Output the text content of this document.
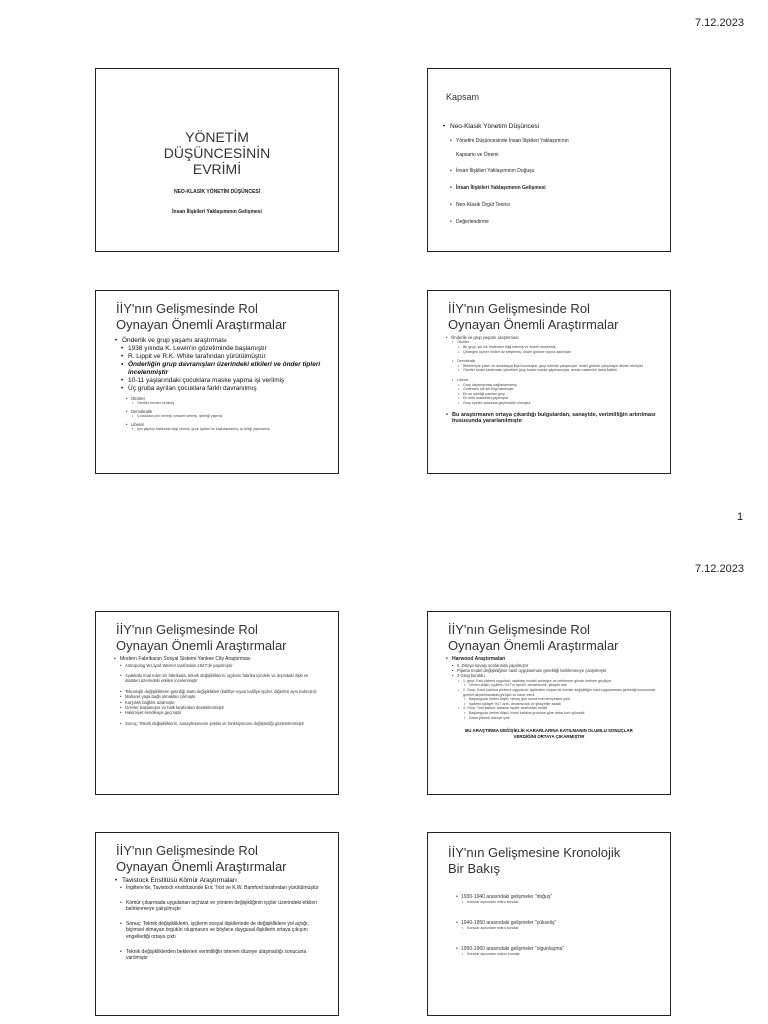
7.12.2023
1
YÖNETİM DÜŞÜNCESİNİN EVRİMİ
NEO-KLASİK YÖNETİM DÜŞÜNCESİ
İnsan İlişkileri Yaklaşımının Gelişmesi
Kapsam
• Neo-Klasik Yönetim Düşüncesi
• Yönetim Düşüncesinde İnsan İlişkileri Yaklaşımının
Kapsamı ve Önemi
• İnsan İlişkileri Yaklaşımının Doğuşu
• İnsan İlişkileri Yaklaşımının Gelişmesi
• Neo-Klasik Örgüt Teorisi
• Değerlendirme
İİY'nın Gelişmesinde Rol Oynayan Önemli Araştırmalar
• Önderlik ve grup yaşamı araştırması
• 1938 yılında K. Lewin'in gözetiminde başlamıştır
• R. Lippit ve R.K. White tarafından yürütülmüştür
• Önderliğin grup davranışları üzerindeki etkileri ve önder tipleri incelenmiştir
• 10-11 yaşlarındaki çocuklara maske yapma işi verilmiş
• Üç gruba ayrılan çocuklara farklı davranılmış
• Otoriter
• Otoriter emirler verilmiş
• Demokratik
• Çocuklara yön vermiş, cesaret vermiş, işbirliği yapmış
• Liberal
• İşin yapılışı hakkında bilgi vermiş, grup üyeleri ile kaynaşmamış, iş birliği yapmamış
İİY'nın Gelişmesinde Rol Oynayan Önemli Araştırmalar
• Önderlik ve grup yaşamı araştırması
• Otoriter
• Bir grup, sık sık önderden bilgi istemiş ve önderi eleştirmiş
• Çekingen üyeler önderi az eleştirmiş, önder gidince oyuna dalmışlar
• Demokratik
• Birbirleriyle yakın ve arkadaşça ilişki kurmuşlar, grup halinde çalışmışlar, önder gidince çalışmaya devam etmişler
• Otoriter önder tarafından yönetilen grup kadar maske yapmamışlar, ancak maskeleri daha kaliteli
• Liberal
• Grup dayanışması sağlanamamış
• Önderden sık sık bilgi istemişler
• En az işbirliği yapılan grup
• En kötü maskeleri yapmışlar
• Grup üyeleri arasında geçimsizlik olmuştur
• Bu araştırmanın ortaya çıkardığı bulgulardan, sanayide, verimliliğin artırılması hususunda yararlanılmıştır
7.12.2023
İİY'nın Gelişmesinde Rol Oynayan Önemli Araştırmalar
• Modern Fabrikanın Sosyal Sistemi Yankee City Araştırması
• Antropolog W.Llyod Warner tarafından 1947'de yapılmıştır
• Ayakkabı imal eden bir fabrikada, teknik değişikliklerin, işçilerin fabrika içindeki ve dışındaki ilişki ve statüleri üzerindeki etkileri incelenmiştir
• Teknolojik değişikliklerin getirdiği statü değişiklikleri (kaliflye-ıvyarı kalifiye işçiler, diğerleri aynı kalmıştır)
• Maharet yaşa bağlı olmaktan çıkmıştır
• Karşılıklı bağlılık azalmıştır
• Grevler başlamıştır ve halk tarafından desteklenmiştir
• Hakimiyet sendikaya geçmiştir
• Sonuç: Teknik değişikliklerin, sanayileşmenin şeklini ve fonksiyonunu değiştirdiği gözlemlenmiştir
İİY'nın Gelişmesinde Rol Oynayan Önemli Araştırmalar
• Harwood Araştırmaları
• II. Dünya savaşı sonlarında yapılmıştır
• Pijama model değişikliğinin nasıl uygulanması gerektiği belirlenmeye çalışılmıştır
• 3 Grup kuruldu
• 1. grup: Eski sistemi uyguladı: ustabaşı modeli anlatıyor ve belirlenen günde üretime geçiliyor
• Üretim düştü, işçilerin %17'si ayrıldı, devamsızlık, şikayet arttı
• 2. Grup: Komi katılma yöntemi uygulandı: işçilerden oluşan bir komite değişikliğin nasıl uygulanması gerektiği konusunda gerekli departmanlarla görüştü ve karar verdi
• Başlangıçta üretim düştü, birkaç gün sonra eski seviyesine çıktı
• İşçilerin şikâyet %17 arttı, devamsızlık ve şikayetler azaldı
• 3. Grup: Tam katılım: kararlar işçiler tarafından verildi
• Başlangıçta üretim düştü, kısmi katılma grubuna göre daha hızlı yükseldi
• Daha yüksek düzeye çıktı
BU ARAŞTIRMA DEĞİŞİKLİK KARARLARINA KATILMANIN OLUMLU SONUÇLAR VERDİĞİNİ ORTAYA ÇIKARMIŞTIR
İİY'nın Gelişmesinde Rol Oynayan Önemli Araştırmalar
• Tavistock Enstitüsü Kömür Araştırmaları
• İngiltere'de, Tavistock enstitüsünde Eric Trist ve K.W. Bamford tarafından yürütülmüştür
• Kömür çıkarmada uygulanan teçhizat ve yöntem değişikliğinin işçiler üzerindeki etkileri belirlenmeye çalışılmıştır
• Sonuç: Teknik değişikliklerin, işçilerin sosyal ilişkilerinde de değişikliklere yol açtığı, biçimsel olmayan örgütün oluşmasını ve böylece duygusal ilişkilerin ortaya çıkışını engellediği ortaya çıktı
• Teknik değişikliklerden beklenen verimliliğin istenen düzeye ulaşmadığı sonucuna varılmıştır
İİY'nın Gelişmesine Kronolojik Bir Bakış
• 1930-1940 arasındaki gelişmeler "doğuş"
• Konular açısından mikro konular
• 1940-1950 arasındaki gelişmeler "yükseliş"
• Konular açısından mikro konular
• 1950-1960 arasındaki gelişmeler "olgunlaşma"
• Konular açısından makro konular
